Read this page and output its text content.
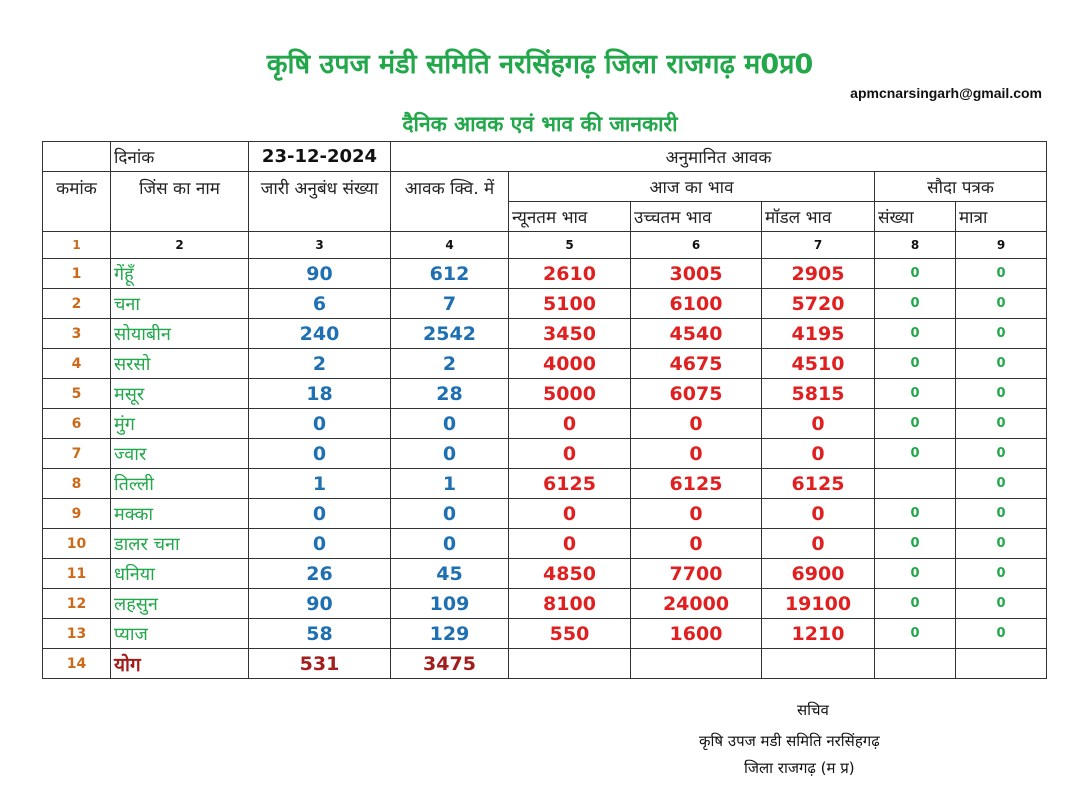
कृषि उपज मंडी समिति नरसिंहगढ़ जिला राजगढ़ म0प्र0
apmcnarsingarh@gmail.com
दैनिक आवक एवं भाव की जानकारी
	दिनांक	23-12-2024	अनुमानित आवक					
कमांक	जिंस का नाम	जारी अनुबंध संख्या	आवक क्वि. में	आज का भाव			सौदा पत्रक	
				न्यूनतम भाव	उच्चतम भाव	मॉडल भाव	संख्या	मात्रा
1	2	3	4	5	6	7	8	9
1	गेंहूँ	90	612	2610	3005	2905	0	0
2	चना	6	7	5100	6100	5720	0	0
3	सोयाबीन	240	2542	3450	4540	4195	0	0
4	सरसो	2	2	4000	4675	4510	0	0
5	मसूर	18	28	5000	6075	5815	0	0
6	मुंग	0	0	0	0	0	0	0
7	ज्वार	0	0	0	0	0	0	0
8	तिल्ली	1	1	6125	6125	6125		0
9	मक्का	0	0	0	0	0	0	0
10	डालर चना	0	0	0	0	0	0	0
11	धनिया	26	45	4850	7700	6900	0	0
12	लहसुन	90	109	8100	24000	19100	0	0
13	प्याज	58	129	550	1600	1210	0	0
14	योग	531	3475					
सचिव
कृषि उपज मडी समिति नरसिंहगढ़
जिला राजगढ़ (म प्र)
